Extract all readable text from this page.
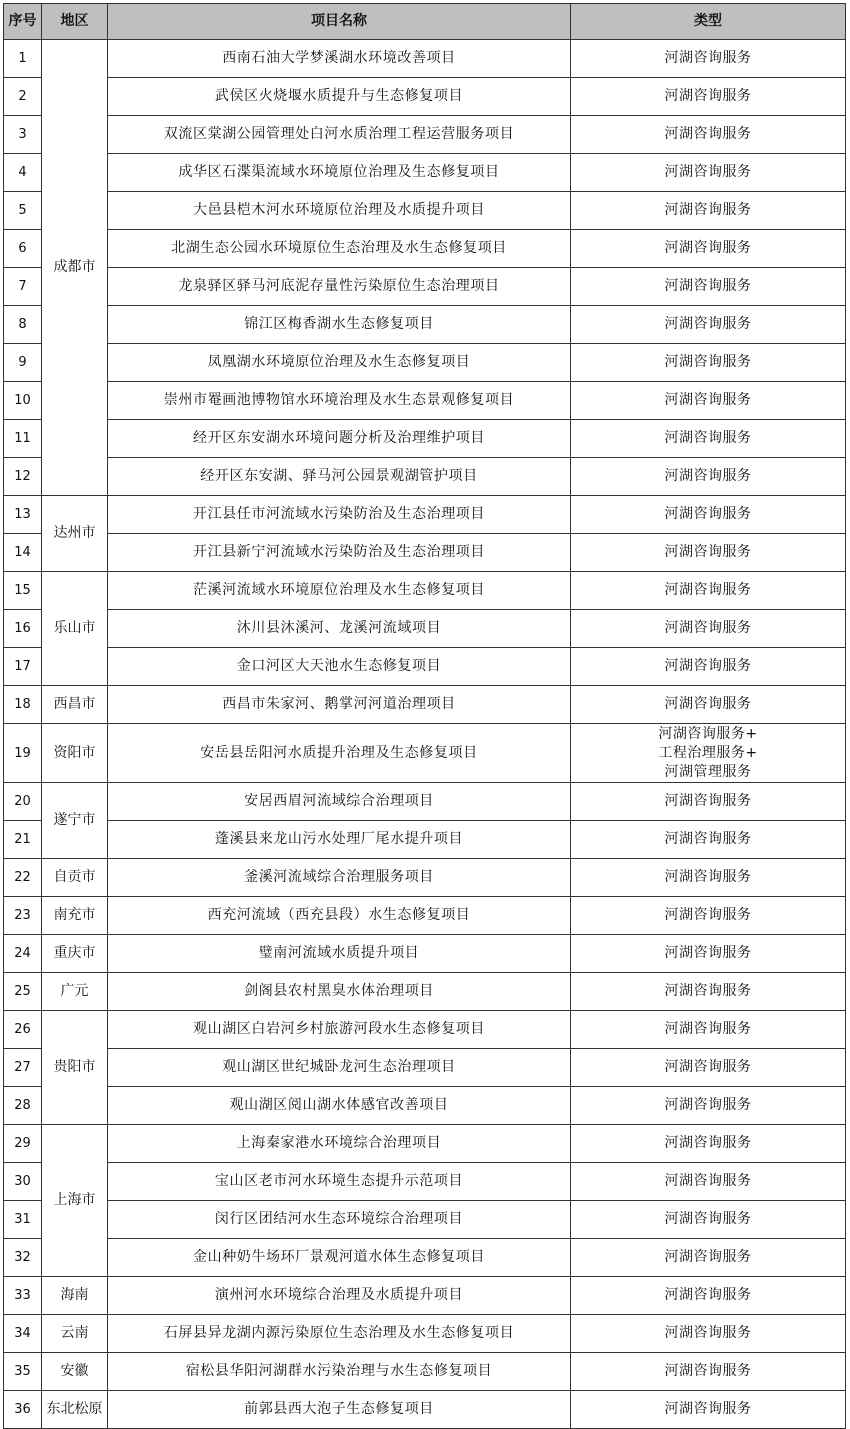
序号	地区	项目名称	类型
1	成都市	西南石油大学梦溪湖水环境改善项目	河湖咨询服务

2		武侯区火烧堰水质提升与生态修复项目	河湖咨询服务

3		双流区棠湖公园管理处白河水质治理工程运营服务项目	河湖咨询服务

4		成华区石渫渠流域水环境原位治理及生态修复项目	河湖咨询服务

5		大邑县桤木河水环境原位治理及水质提升项目	河湖咨询服务

6		北湖生态公园水环境原位生态治理及水生态修复项目	河湖咨询服务

7		龙泉驿区驿马河底泥存量性污染原位生态治理项目	河湖咨询服务

8		锦江区梅香湖水生态修复项目	河湖咨询服务

9		凤凰湖水环境原位治理及水生态修复项目	河湖咨询服务

10		崇州市罨画池博物馆水环境治理及水生态景观修复项目	河湖咨询服务

11		经开区东安湖水环境问题分析及治理维护项目	河湖咨询服务

12		经开区东安湖、驿马河公园景观湖管护项目	河湖咨询服务

13	达州市	开江县任市河流域水污染防治及生态治理项目	河湖咨询服务

14		开江县新宁河流域水污染防治及生态治理项目	河湖咨询服务

15	乐山市	茫溪河流域水环境原位治理及水生态修复项目	河湖咨询服务

16		沐川县沐溪河、龙溪河流域项目	河湖咨询服务

17		金口河区大天池水生态修复项目	河湖咨询服务

18	西昌市	西昌市朱家河、鹅掌河河道治理项目	河湖咨询服务

19	资阳市	安岳县岳阳河水质提升治理及生态修复项目	河湖咨询服务+
工程治理服务+
河湖管理服务

20	遂宁市	安居西眉河流域综合治理项目	河湖咨询服务

21		蓬溪县来龙山污水处理厂尾水提升项目	河湖咨询服务

22	自贡市	釜溪河流域综合治理服务项目	河湖咨询服务

23	南充市	西充河流域（西充县段）水生态修复项目	河湖咨询服务

24	重庆市	璧南河流域水质提升项目	河湖咨询服务

25	广元	剑阁县农村黑臭水体治理项目	河湖咨询服务

26	贵阳市	观山湖区白岩河乡村旅游河段水生态修复项目	河湖咨询服务

27		观山湖区世纪城卧龙河生态治理项目	河湖咨询服务

28		观山湖区阅山湖水体感官改善项目	河湖咨询服务

29	上海市	上海秦家港水环境综合治理项目	河湖咨询服务

30		宝山区老市河水环境生态提升示范项目	河湖咨询服务

31		闵行区团结河水生态环境综合治理项目	河湖咨询服务

32		金山种奶牛场环厂景观河道水体生态修复项目	河湖咨询服务

33	海南	演州河水环境综合治理及水质提升项目	河湖咨询服务

34	云南	石屏县异龙湖内源污染原位生态治理及水生态修复项目	河湖咨询服务

35	安徽	宿松县华阳河湖群水污染治理与水生态修复项目	河湖咨询服务

36	东北松原	前郭县西大泡子生态修复项目	河湖咨询服务
